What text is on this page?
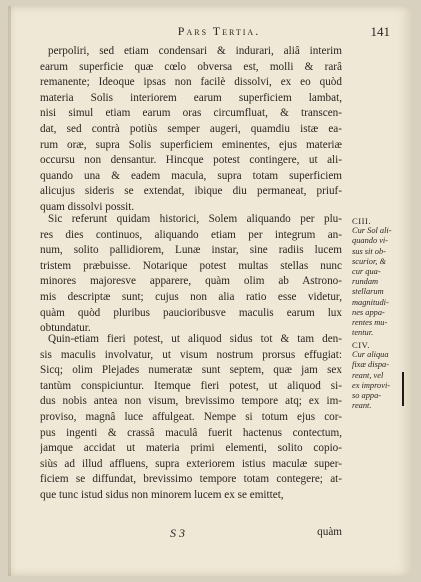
Pars Tertia.	141
perpoliri, sed etiam condensari & indurari, aliâ interim
earum superficie quæ cœlo obversa est, molli & rarâ
remanente; Ideoque ipsas non facilè dissolvi, ex eo quòd
materia Solis interiorem earum superficiem lambat,
nisi simul etiam earum oras circumfluat, & transcen-
dat, sed contrà potiùs semper augeri, quamdiu istæ ea-
rum oræ, supra Solis superficiem eminentes, ejus materiæ
occursu non densantur. Hincque potest contingere, ut ali-
quando una & eadem macula, supra totam superficiem
alicujus sideris se extendat, ibique diu permaneat, priuf-
quam dissolvi possit.
Sic referunt quidam historici, Solem aliquando per plu-
res dies continuos, aliquando etiam per integrum an-
num, solito pallidiorem, Lunæ instar, sine radiis lucem
tristem præbuisse. Notarique potest multas stellas nunc
minores majoresve apparere, quàm olim ab Astrono-
mis descriptæ sunt; cujus non alia ratio esse videtur,
quàm quòd pluribus paucioribusve maculis earum lux
obtundatur.
Quin-etiam fieri potest, ut aliquod sidus tot & tam den-
sis maculis involvatur, ut visum nostrum prorsus effugiat:
Sicq; olim Plejades numeratæ sunt septem, quæ jam sex
tantùm conspiciuntur. Itemque fieri potest, ut aliquod si-
dus nobis antea non visum, brevissimo tempore atq; ex im-
proviso, magnâ luce affulgeat. Nempe si totum ejus cor-
pus ingenti & crassâ maculâ fuerit hactenus contectum,
jamque accidat ut materia primi elementi, solito copio-
siùs ad illud affluens, supra exteriorem istius maculæ super-
ficiem se diffundat, brevissimo tempore totam contegere; at-
que tunc istud sidus non minorem lucem ex se emittet,
CIII.
Cur Sol ali-
quando vi-
sus sit ob-
scurior, &
cur qua-
rundam
stellarum
magnitudi-
nes appa-
rentes mu-
tentur.
CIV.
Cur aliqua
fixæ dispa-
reant, vel
ex improvi-
so appa-
reant.
S 3	quàm
